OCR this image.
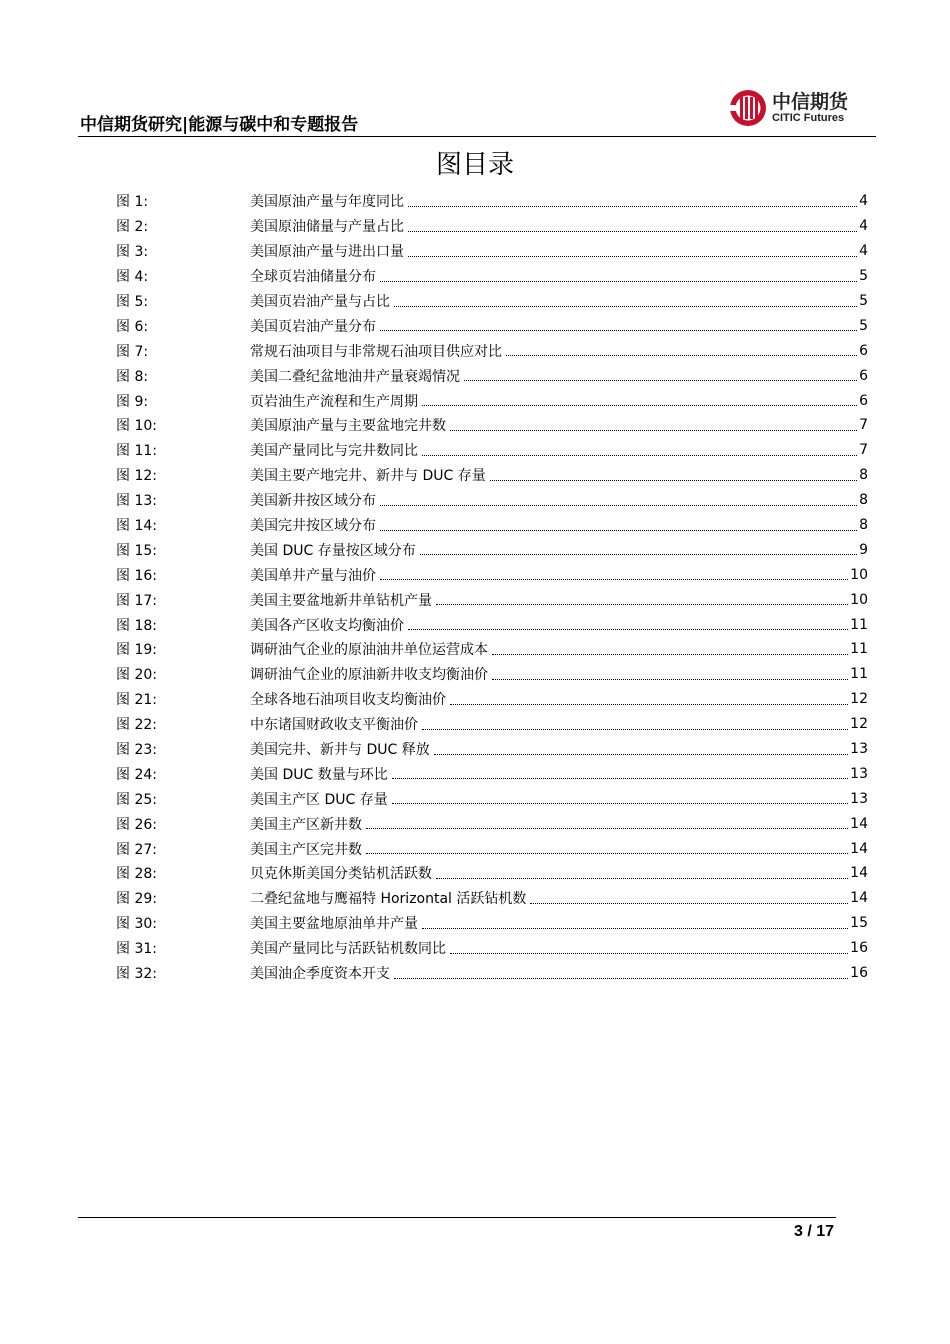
中信期货研究|能源与碳中和专题报告
中信期货
CITIC Futures
图目录
图 1:	美国原油产量与年度同比	4
图 2:	美国原油储量与产量占比	4
图 3:	美国原油产量与进出口量	4
图 4:	全球页岩油储量分布	5
图 5:	美国页岩油产量与占比	5
图 6:	美国页岩油产量分布	5
图 7:	常规石油项目与非常规石油项目供应对比	6
图 8:	美国二叠纪盆地油井产量衰竭情况	6
图 9:	页岩油生产流程和生产周期	6
图 10:	美国原油产量与主要盆地完井数	7
图 11:	美国产量同比与完井数同比	7
图 12:	美国主要产地完井、新井与 DUC 存量	8
图 13:	美国新井按区域分布	8
图 14:	美国完井按区域分布	8
图 15:	美国 DUC 存量按区域分布	9
图 16:	美国单井产量与油价	10
图 17:	美国主要盆地新井单钻机产量	10
图 18:	美国各产区收支均衡油价	11
图 19:	调研油气企业的原油油井单位运营成本	11
图 20:	调研油气企业的原油新井收支均衡油价	11
图 21:	全球各地石油项目收支均衡油价	12
图 22:	中东诸国财政收支平衡油价	12
图 23:	美国完井、新井与 DUC 释放	13
图 24:	美国 DUC 数量与环比	13
图 25:	美国主产区 DUC 存量	13
图 26:	美国主产区新井数	14
图 27:	美国主产区完井数	14
图 28:	贝克休斯美国分类钻机活跃数	14
图 29:	二叠纪盆地与鹰福特 Horizontal 活跃钻机数	14
图 30:	美国主要盆地原油单井产量	15
图 31:	美国产量同比与活跃钻机数同比	16
图 32:	美国油企季度资本开支	16
3 / 17
